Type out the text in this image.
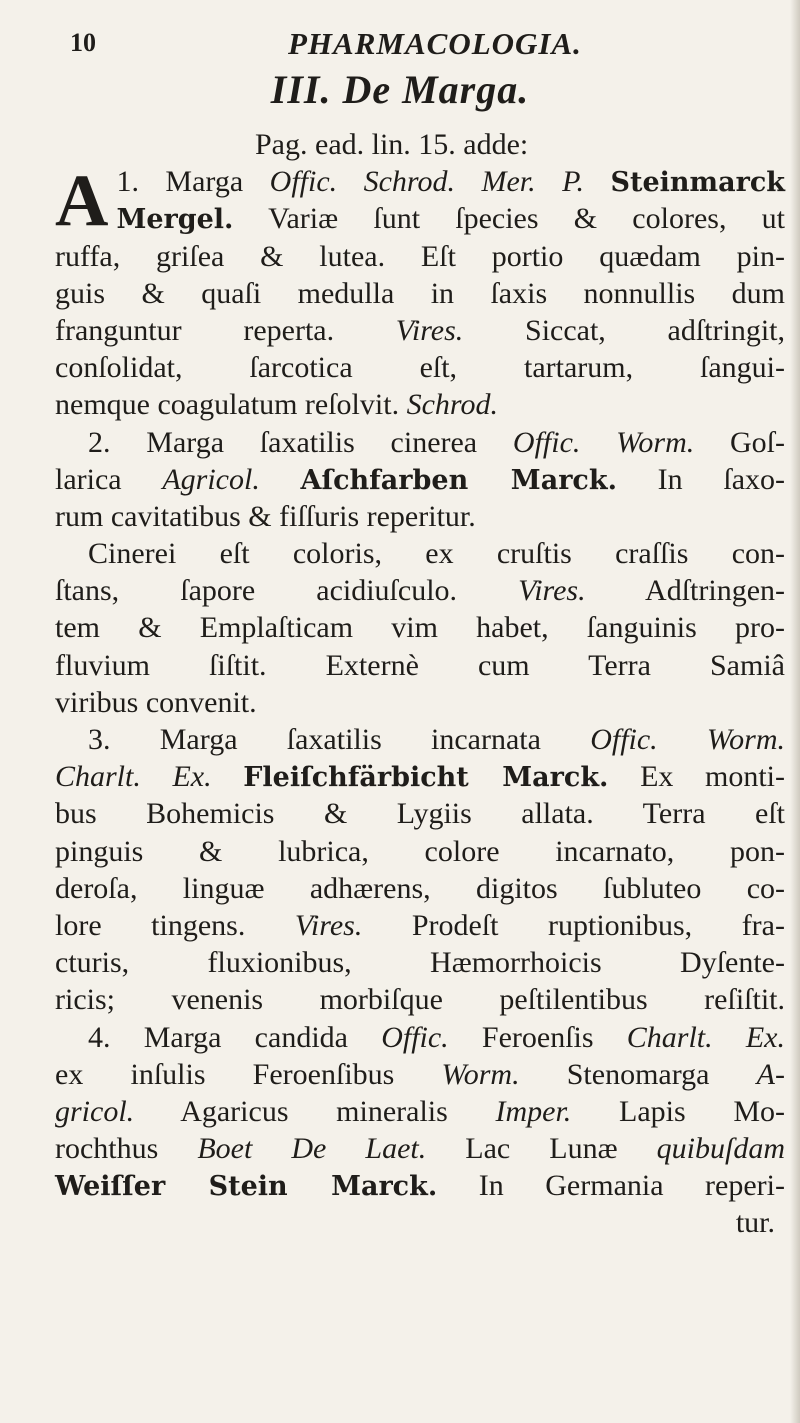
10	PHARMACOLOGIA.
III. De Marga.
Pag. ead. lin. 15. adde:
A 1. Marga Offic. Schrod. Mer. P. Steinmarck
Mergel. Variæ ſunt ſpecies & colores, ut
ruffa, griſea & lutea. Eſt portio quædam pin-
guis & quaſi medulla in ſaxis nonnullis dum
franguntur reperta. Vires. Siccat, adſtringit,
conſolidat, ſarcotica eſt, tartarum, ſangui-
nemque coagulatum reſolvit. Schrod.
2. Marga ſaxatilis cinerea Offic. Worm. Goſ-
larica Agricol. Aſchfarben Marck. In ſaxo-
rum cavitatibus & fiſſuris reperitur.
Cinerei eſt coloris, ex cruſtis craſſis con-
ſtans, ſapore acidiuſculo. Vires. Adſtringen-
tem & Emplaſticam vim habet, ſanguinis pro-
fluvium ſiſtit. Externè cum Terra Samiâ
viribus convenit.
3. Marga ſaxatilis incarnata Offic. Worm.
Charlt. Ex. Fleiſchfärbicht Marck. Ex monti-
bus Bohemicis & Lygiis allata. Terra eſt
pinguis & lubrica, colore incarnato, pon-
deroſa, linguæ adhærens, digitos ſubluteo co-
lore tingens. Vires. Prodeſt ruptionibus, fra-
cturis, fluxionibus, Hæmorrhoicis Dyſente-
ricis; venenis morbiſque peſtilentibus reſiſtit.
4. Marga candida Offic. Feroenſis Charlt. Ex.
ex inſulis Feroenſibus Worm. Stenomarga A-
gricol. Agaricus mineralis Imper. Lapis Mo-
rochthus Boet De Laet. Lac Lunæ quibuſdam
Weiſſer Stein Marck. In Germania reperi-
tur.
